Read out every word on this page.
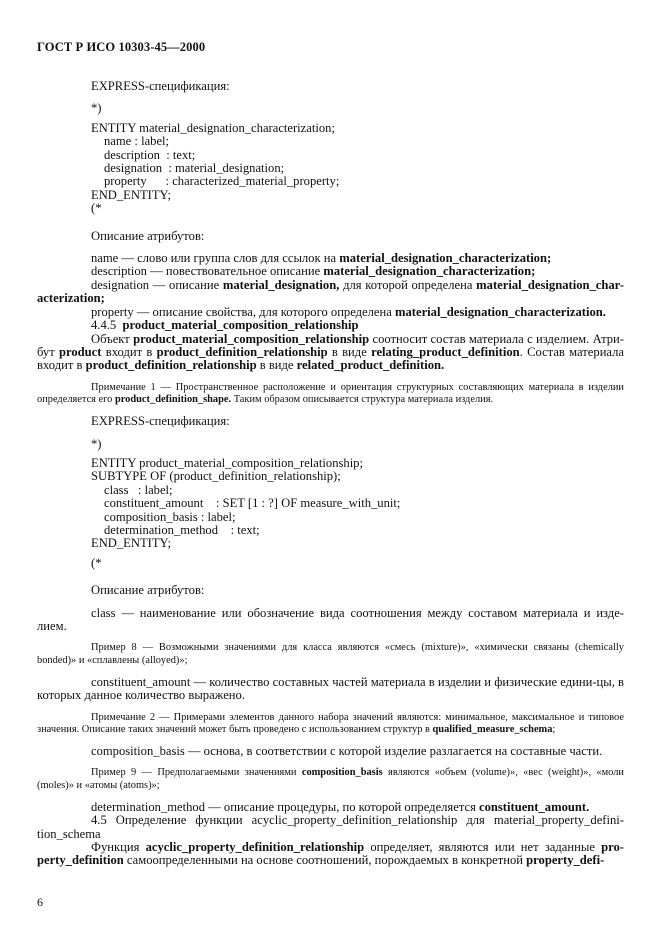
ГОСТ Р ИСО 10303-45—2000
EXPRESS-спецификация:
*)
ENTITY material_designation_characterization;
name : label;
description  : text;
designation  : material_designation;
property      : characterized_material_property;
END_ENTITY;
(*
Описание атрибутов:
name — слово или группа слов для ссылок на material_designation_characterization;
description — повествовательное описание material_designation_characterization;
designation — описание material_designation, для которой определена material_designation_char-acterization;
property — описание свойства, для которого определена material_designation_characterization.
4.4.5 product_material_composition_relationship
Объект product_material_composition_relationship соотносит состав материала с изделием. Атри-бут product входит в product_definition_relationship в виде relating_product_definition. Состав материала входит в product_definition_relationship в виде related_product_definition.
Примечание 1 — Пространственное расположение и ориентация структурных составляющих материала в изделии определяется его product_definition_shape. Таким образом описывается структура материала изделия.
EXPRESS-спецификация:
*)
ENTITY product_material_composition_relationship;
SUBTYPE OF (product_definition_relationship);
class   : label;
constituent_amount    : SET [1 : ?] OF measure_with_unit;
composition_basis : label;
determination_method    : text;
END_ENTITY;
(*
Описание атрибутов:
class — наименование или обозначение вида соотношения между составом материала и изде-лием.
Пример 8 — Возможными значениями для класса являются «смесь (mixture)», «химически связаны (chemically bonded)» и «сплавлены (alloyed)»;
constituent_amount — количество составных частей материала в изделии и физические едини-цы, в которых данное количество выражено.
Примечание 2 — Примерами элементов данного набора значений являются: минимальное, максимальное и типовое значения. Описание таких значений может быть проведено с использованием структур в qualified_measure_schema;
composition_basis — основа, в соответствии с которой изделие разлагается на составные части.
Пример 9 — Предполагаемыми значениями composition_basis являются «объем (volume)», «вес (weight)», «моли (moles)» и «атомы (atoms)»;
determination_method — описание процедуры, по которой определяется constituent_amount.
4.5 Определение функции acyclic_property_definition_relationship для material_property_defini-tion_schema
Функция acyclic_property_definition_relationship определяет, являются или нет заданные pro-perty_definition самоопределенными на основе соотношений, порождаемых в конкретной property_defi-
6
